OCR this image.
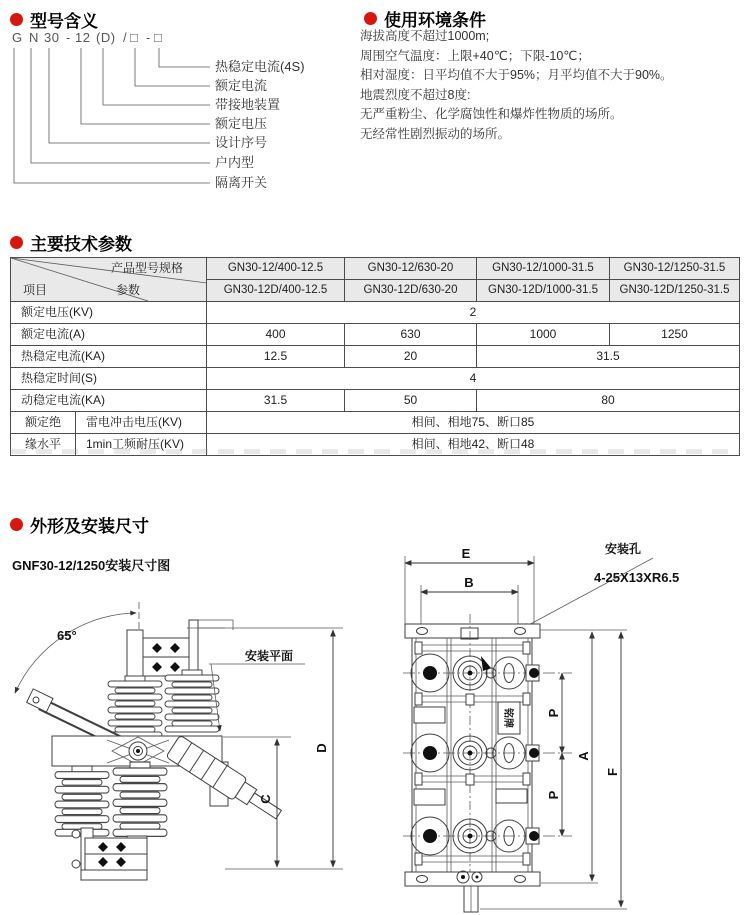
型号含义
G N 30 - 12 (D) / □ - □
热稳定电流(4S)
额定电流
带接地装置
额定电压
设计序号
户内型
隔离开关
使用环境条件
海拔高度不超过1000m;
周围空气温度：上限+40℃；下限-10℃；
相对湿度：日平均值不大于95%；月平均值不大于90%。
地震烈度不超过8度:
无严重粉尘、化学腐蚀性和爆炸性物质的场所。
无经常性剧烈振动的场所。
主要技术参数
产品型号规格
项目 参数		GN30-12/400-12.5	GN30-12/630-20	GN30-12/1000-31.5	GN30-12/1250-31.5
		GN30-12D/400-12.5	GN30-12D/630-20	GN30-12D/1000-31.5	GN30-12D/1250-31.5
额定电压(KV)		2			
额定电流(A)		400	630	1000	1250
热稳定电流(KA)		12.5	20	31.5	
热稳定时间(S)		4			
动稳定电流(KA)		31.5	50	80	
额定绝	雷电冲击电压(KV)	相间、相地75、断口85			
缘水平	1min工频耐压(KV)	相间、相地42、断口48			
外形及安装尺寸
GNF30-12/1250安装尺寸图
65°
安装平面
D
C
E
B
安装孔
4-25X13XR6.5
铭牌	P
P
A
F
